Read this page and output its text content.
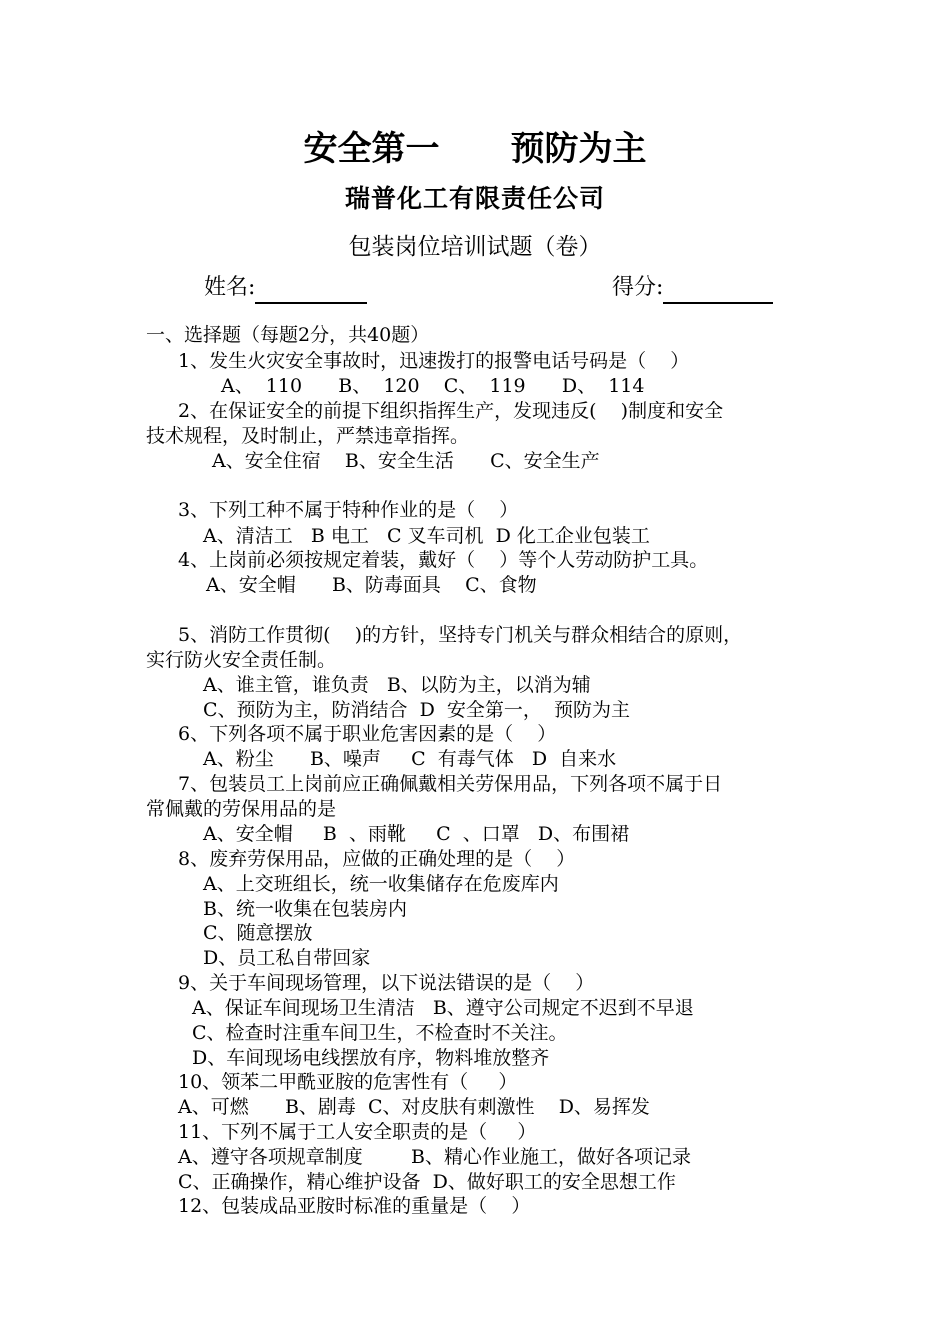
安全第一      预防为主
瑞普化工有限责任公司
包装岗位培训试题（卷）
姓名:	得分:
一、选择题（每题2分，共40题）
1、发生火灾安全事故时，迅速拨打的报警电话号码是（    ）
A、  110      B、  120    C、  119      D、  114
2、在保证安全的前提下组织指挥生产，发现违反(    )制度和安全
技术规程，及时制止，严禁违章指挥。
A、安全住宿    B、安全生活      C、安全生产
3、下列工种不属于特种作业的是（    ）
A、清洁工   B 电工   C 叉车司机  D 化工企业包装工
4、上岗前必须按规定着装，戴好（    ）等个人劳动防护工具。
A、安全帽      B、防毒面具    C、食物
5、消防工作贯彻(    )的方针，坚持专门机关与群众相结合的原则，
实行防火安全责任制。
A、谁主管，谁负责   B、以防为主，以消为辅
C、预防为主，防消结合  D  安全第一，  预防为主
6、下列各项不属于职业危害因素的是（    ）
A、粉尘      B、噪声     C  有毒气体   D  自来水
7、包装员工上岗前应正确佩戴相关劳保用品，下列各项不属于日
常佩戴的劳保用品的是
A、安全帽     B  、雨靴     C  、口罩   D、布围裙
8、废弃劳保用品，应做的正确处理的是（    ）
A、上交班组长，统一收集储存在危废库内
B、统一收集在包装房内
C、随意摆放
D、员工私自带回家
9、关于车间现场管理，以下说法错误的是（    ）
A、保证车间现场卫生清洁   B、遵守公司规定不迟到不早退
C、检查时注重车间卫生，不检查时不关注。
D、车间现场电线摆放有序，物料堆放整齐
10、领苯二甲酰亚胺的危害性有（     ）
A、可燃      B、剧毒  C、对皮肤有刺激性    D、易挥发
11、下列不属于工人安全职责的是（     ）
A、遵守各项规章制度        B、精心作业施工，做好各项记录
C、正确操作，精心维护设备  D、做好职工的安全思想工作
12、包装成品亚胺时标准的重量是（    ）
